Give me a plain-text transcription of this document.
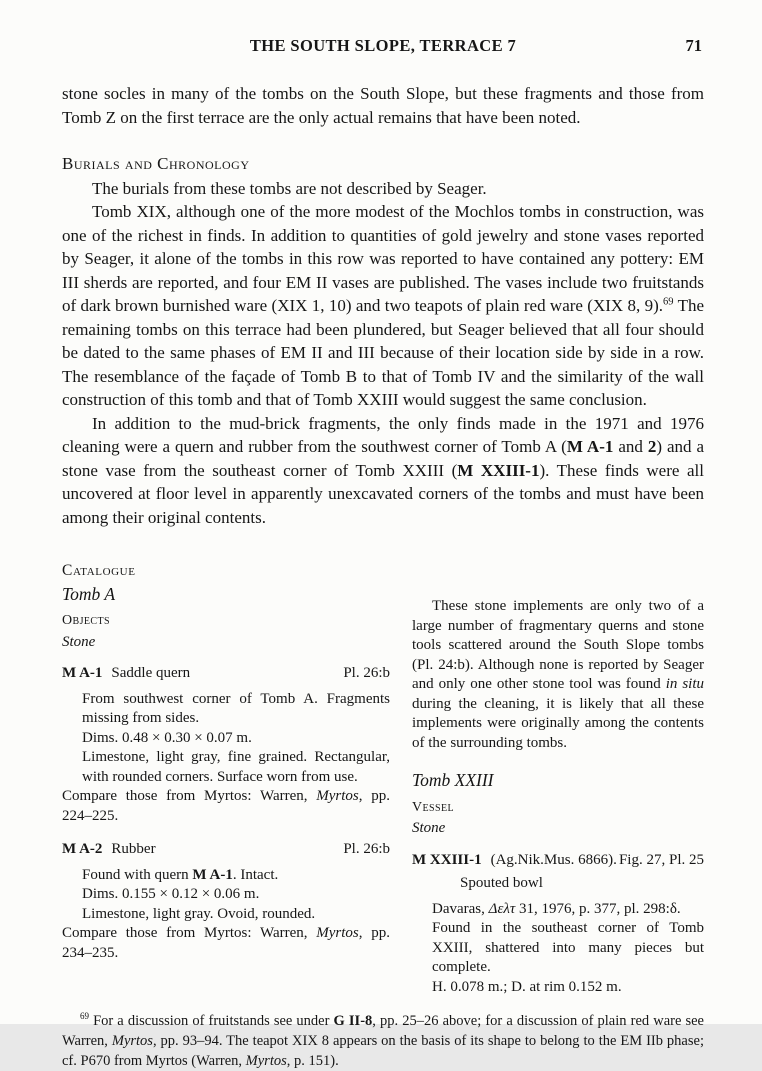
THE SOUTH SLOPE, TERRACE 7	71

stone socles in many of the tombs on the South Slope, but these fragments and those from Tomb Z on the first terrace are the only actual remains that have been noted.

Burials and Chronology

The burials from these tombs are not described by Seager.

Tomb XIX, although one of the more modest of the Mochlos tombs in construction, was one of the richest in finds. In addition to quantities of gold jewelry and stone vases reported by Seager, it alone of the tombs in this row was reported to have contained any pottery: EM III sherds are reported, and four EM II vases are published. The vases include two fruitstands of dark brown burnished ware (XIX 1, 10) and two teapots of plain red ware (XIX 8, 9).$^{69}$ The remaining tombs on this terrace had been plundered, but Seager believed that all four should be dated to the same phases of EM II and III because of their location side by side in a row. The resemblance of the façade of Tomb B to that of Tomb IV and the similarity of the wall construction of this tomb and that of Tomb XXIII would suggest the same conclusion.

In addition to the mud-brick fragments, the only finds made in the 1971 and 1976 cleaning were a quern and rubber from the southwest corner of Tomb A (M A-1 and 2) and a stone vase from the southeast corner of Tomb XXIII (M XXIII-1). These finds were all uncovered at floor level in apparently unexcavated corners of the tombs and must have been among their original contents.

Catalogue
Tomb A
Objects
Stone
M A-1 Saddle quern	Pl. 26:b

From southwest corner of Tomb A. Fragments missing from sides.

Dims. 0.48 × 0.30 × 0.07 m.

Limestone, light gray, fine grained. Rectangular, with rounded corners. Surface worn from use.

Compare those from Myrtos: Warren, Myrtos, pp. 224–225.

M A-2 Rubber	Pl. 26:b

Found with quern M A-1. Intact.

Dims. 0.155 × 0.12 × 0.06 m.

Limestone, light gray. Ovoid, rounded.

Compare those from Myrtos: Warren, Myrtos, pp. 234–235.

These stone implements are only two of a large number of fragmentary querns and stone tools scattered around the South Slope tombs (Pl. 24:b). Although none is reported by Seager and only one other stone tool was found in situ during the cleaning, it is likely that all these implements were originally among the contents of the surrounding tombs.

Tomb XXIII
Vessel
Stone
M XXIII-1 (Ag.Nik.Mus. 6866). Fig. 27, Pl. 25
Spouted bowl

Davaras, Δελτ 31, 1976, p. 377, pl. 298:δ.

Found in the southeast corner of Tomb XXIII, shattered into many pieces but complete.

H. 0.078 m.; D. at rim 0.152 m.

$^{69}$ For a discussion of fruitstands see under G II-8, pp. 25–26 above; for a discussion of plain red ware see Warren, Myrtos, pp. 93–94. The teapot XIX 8 appears on the basis of its shape to belong to the EM IIb phase; cf. P670 from Myrtos (Warren, Myrtos, p. 151).
